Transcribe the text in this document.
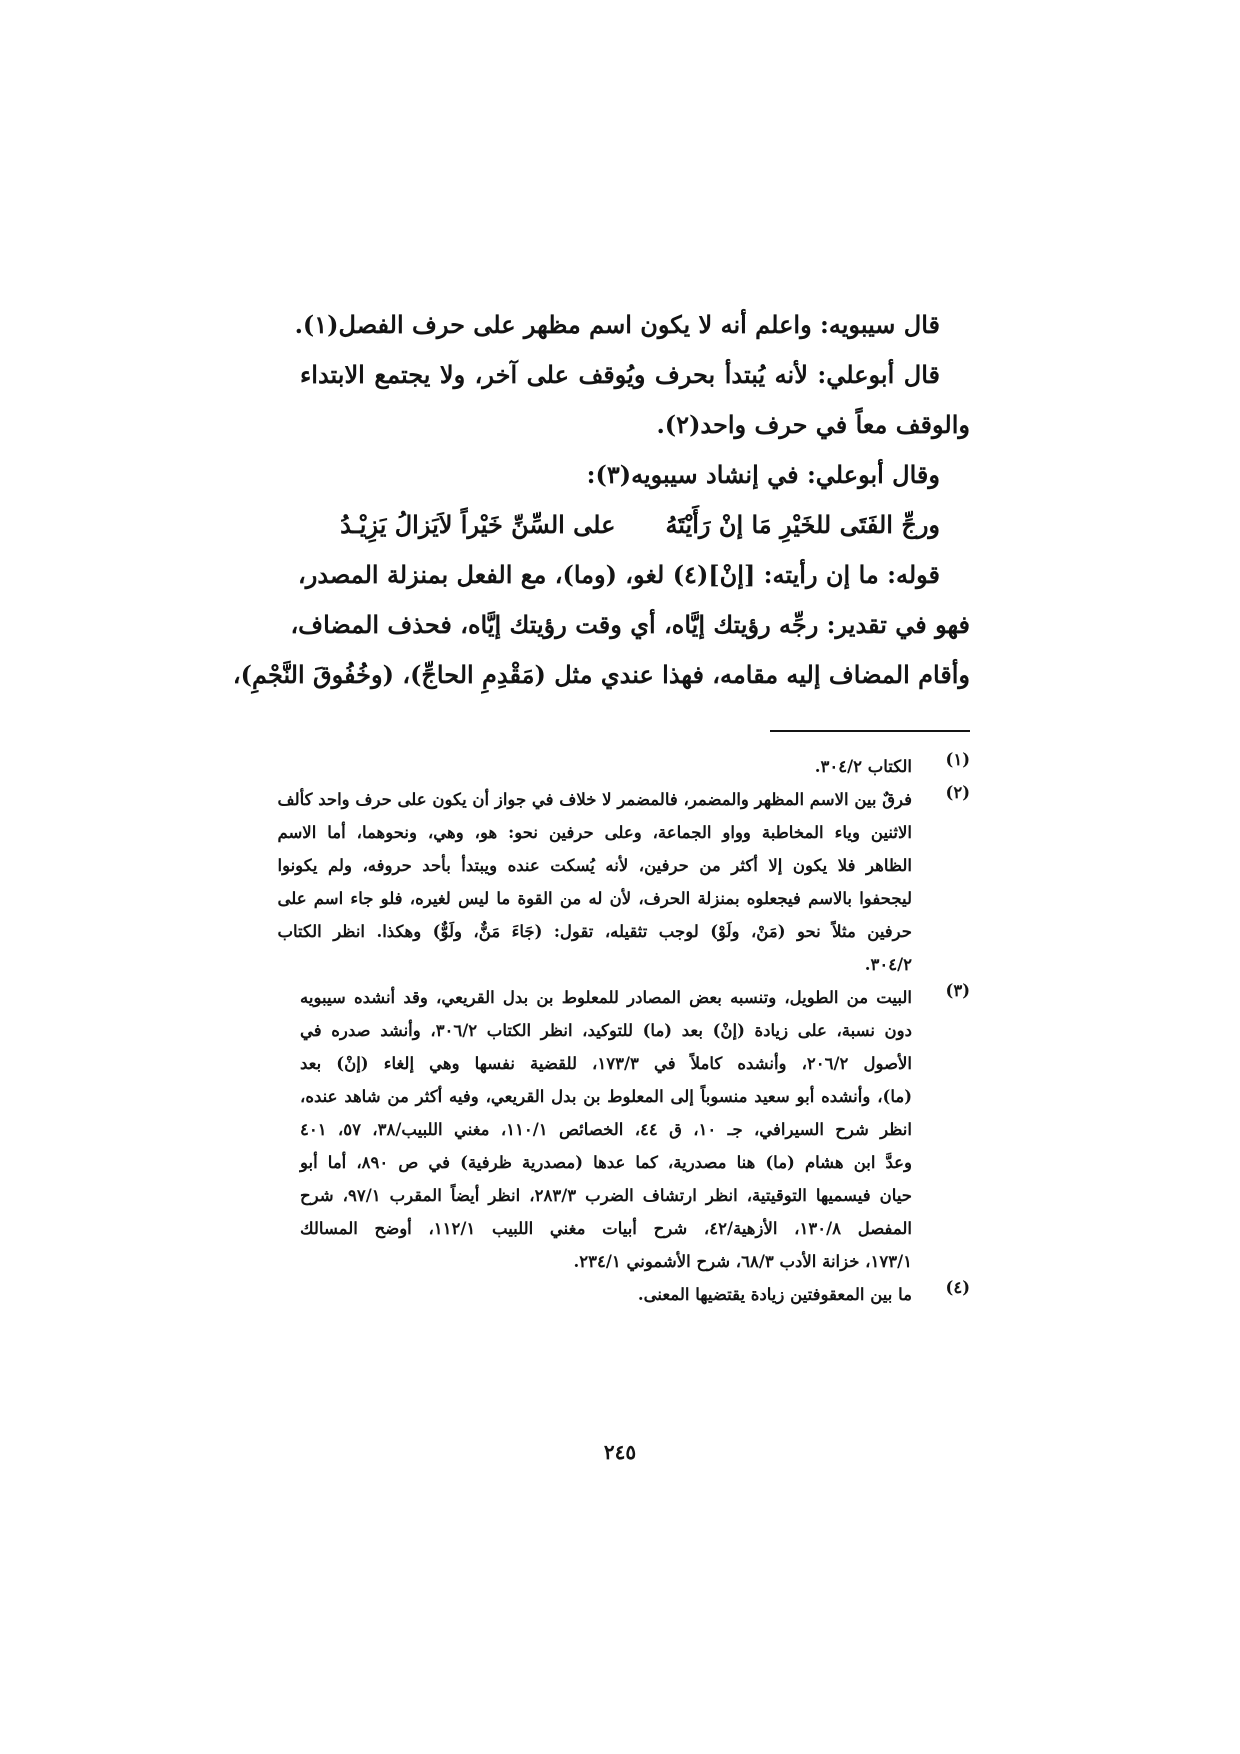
قال سيبويه: واعلم أنه لا يكون اسم مظهر على حرف الفصل(١).
قال أبوعلي: لأنه يُبتدأ بحرف ويُوقف على آخر، ولا يجتمع الابتداء
والوقف معاً في حرف واحد(٢).
وقال أبوعلي: في إنشاد سيبويه(٣):
ورجِّ الفَتَى للخَيْرِ مَا إنْ رَأَيْتَهُ
على السِّنِّ خَيْراً لاَيَزالُ يَزِيْـدُ
قوله: ما إن رأيته: [إنْ](٤) لغو، (وما)، مع الفعل بمنزلة المصدر،
فهو في تقدير: رجِّه رؤيتك إيَّاه، أي وقت رؤيتك إيَّاه، فحذف المضاف،
وأقام المضاف إليه مقامه، فهذا عندي مثل (مَقْدِمِ الحاجِّ)، (وخُفُوقَ النَّجْمِ)،
(١)
الكتاب ٣٠٤/٢.
(٢)
فرقٌ بين الاسم المظهر والمضمر، فالمضمر لا خلاف في جواز أن يكون على حرف واحد كألف
الاثنين وياء المخاطبة وواو الجماعة، وعلى حرفين نحو: هو، وهي، ونحوهما، أما الاسم
الظاهر فلا يكون إلا أكثر من حرفين، لأنه يُسكت عنده ويبتدأ بأحد حروفه، ولم يكونوا
ليجحفوا بالاسم فيجعلوه بمنزلة الحرف، لأن له من القوة ما ليس لغيره، فلو جاء اسم على
حرفين مثلاً نحو (مَنْ، ولَوْ) لوجب تثقيله، تقول: (جَاءَ مَنٌّ، ولَوٌّ) وهكذا. انظر الكتاب
٣٠٤/٢.
(٣)
البيت من الطويل، وتنسبه بعض المصادر للمعلوط بن بدل القريعي، وقد أنشده سيبويه
دون نسبة، على زيادة (إنْ) بعد (ما) للتوكيد، انظر الكتاب ٣٠٦/٢، وأنشد صدره في
الأصول ٢٠٦/٢، وأنشده كاملاً في ١٧٣/٣، للقضية نفسها وهي إلغاء (إنْ) بعد
(ما)، وأنشده أبو سعيد منسوباً إلى المعلوط بن بدل القريعي، وفيه أكثر من شاهد عنده،
انظر شرح السيرافي، جـ ١٠، ق ٤٤، الخصائص ١١٠/١، مغني اللبيب/٣٨، ٥٧، ٤٠١
وعدَّ ابن هشام (ما) هنا مصدرية، كما عدها (مصدرية ظرفية) في ص ٨٩٠، أما أبو
حيان فيسميها التوقيتية، انظر ارتشاف الضرب ٢٨٣/٣، انظر أيضاً المقرب ٩٧/١، شرح
المفصل ١٣٠/٨، الأزهية/٤٢، شرح أبيات مغني اللبيب ١١٢/١، أوضح المسالك
١٧٣/١، خزانة الأدب ٦٨/٣، شرح الأشموني ٢٣٤/١.
(٤)
ما بين المعقوفتين زيادة يقتضيها المعنى.
٢٤٥
